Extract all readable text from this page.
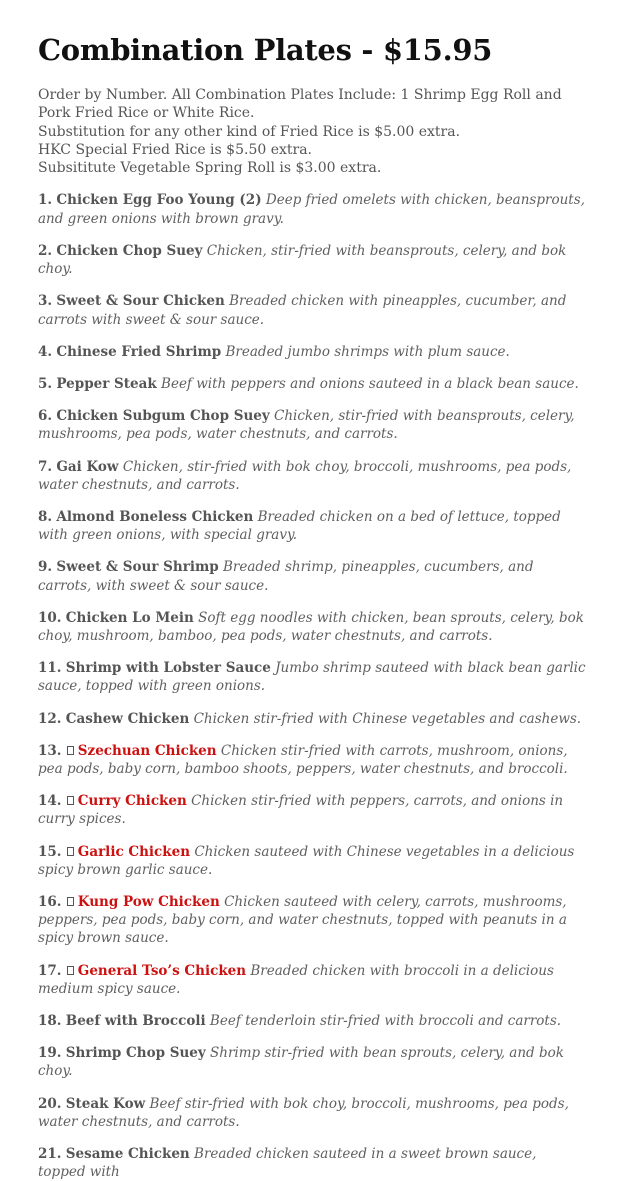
Combination Plates - $15.95
Order by Number. All Combination Plates Include: 1 Shrimp Egg Roll and Pork Fried Rice or White Rice.
Substitution for any other kind of Fried Rice is $5.00 extra.
HKC Special Fried Rice is $5.50 extra.
Subsititute Vegetable Spring Roll is $3.00 extra.
1. Chicken Egg Foo Young (2) Deep fried omelets with chicken, beansprouts, and green onions with brown gravy.
2. Chicken Chop Suey Chicken, stir-fried with beansprouts, celery, and bok choy.
3. Sweet & Sour Chicken Breaded chicken with pineapples, cucumber, and carrots with sweet & sour sauce.
4. Chinese Fried Shrimp Breaded jumbo shrimps with plum sauce.
5. Pepper Steak Beef with peppers and onions sauteed in a black bean sauce.
6. Chicken Subgum Chop Suey Chicken, stir-fried with beansprouts, celery, mushrooms, pea pods, water chestnuts, and carrots.
7. Gai Kow Chicken, stir-fried with bok choy, broccoli, mushrooms, pea pods, water chestnuts, and carrots.
8. Almond Boneless Chicken Breaded chicken on a bed of lettuce, topped with green onions, with special gravy.
9. Sweet & Sour Shrimp Breaded shrimp, pineapples, cucumbers, and carrots, with sweet & sour sauce.
10. Chicken Lo Mein Soft egg noodles with chicken, bean sprouts, celery, bok choy, mushroom, bamboo, pea pods, water chestnuts, and carrots.
11. Shrimp with Lobster Sauce Jumbo shrimp sauteed with black bean garlic sauce, topped with green onions.
12. Cashew Chicken Chicken stir-fried with Chinese vegetables and cashews.
13. Szechuan Chicken Chicken stir-fried with carrots, mushroom, onions, pea pods, baby corn, bamboo shoots, peppers, water chestnuts, and broccoli.
14. Curry Chicken Chicken stir-fried with peppers, carrots, and onions in curry spices.
15. Garlic Chicken Chicken sauteed with Chinese vegetables in a delicious spicy brown garlic sauce.
16. Kung Pow Chicken Chicken sauteed with celery, carrots, mushrooms, peppers, pea pods, baby corn, and water chestnuts, topped with peanuts in a spicy brown sauce.
17. General Tso’s Chicken Breaded chicken with broccoli in a delicious medium spicy sauce.
18. Beef with Broccoli Beef tenderloin stir-fried with broccoli and carrots.
19. Shrimp Chop Suey Shrimp stir-fried with bean sprouts, celery, and bok choy.
20. Steak Kow Beef stir-fried with bok choy, broccoli, mushrooms, pea pods, water chestnuts, and carrots.
21. Sesame Chicken Breaded chicken sauteed in a sweet brown sauce, topped with
